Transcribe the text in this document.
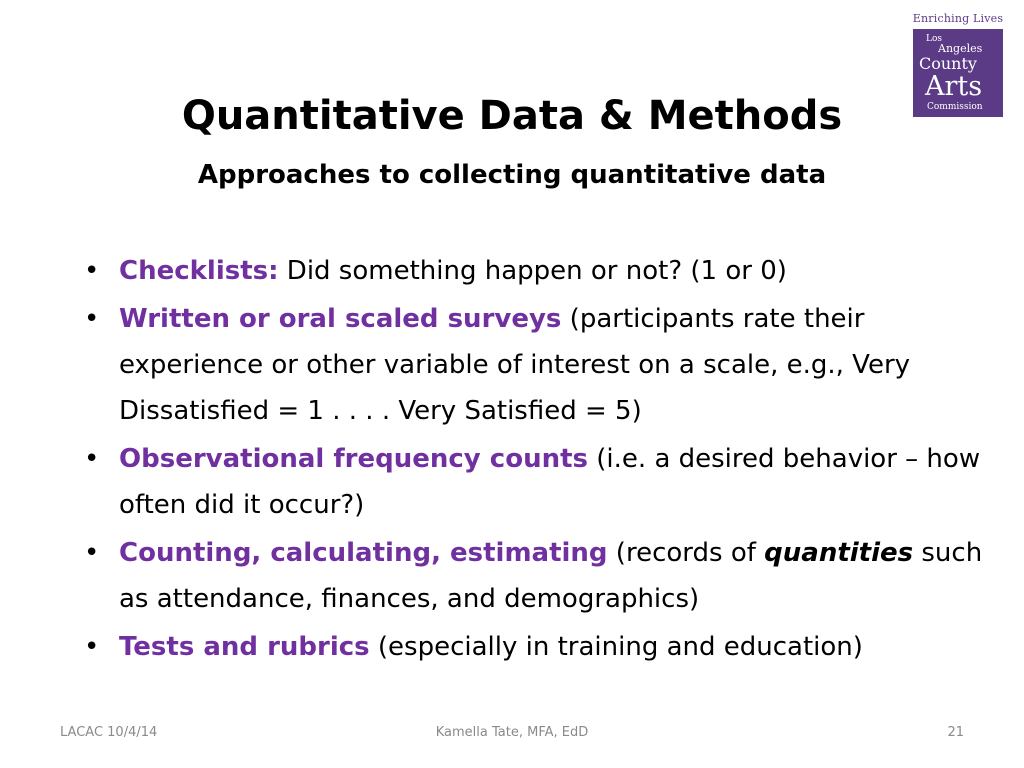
Enriching Lives
Los
Angeles
County
Arts
Commission
Quantitative Data & Methods
Approaches to collecting quantitative data
• Checklists: Did something happen or not? (1 or 0)
• Written or oral scaled surveys (participants rate their experience or other variable of interest on a scale, e.g., Very Dissatisfied = 1 . . . . Very Satisfied = 5)
• Observational frequency counts (i.e. a desired behavior – how often did it occur?)
• Counting, calculating, estimating (records of quantities such as attendance, finances, and demographics)
• Tests and rubrics (especially in training and education)
LACAC 10/4/14	Kamella Tate, MFA, EdD	21
